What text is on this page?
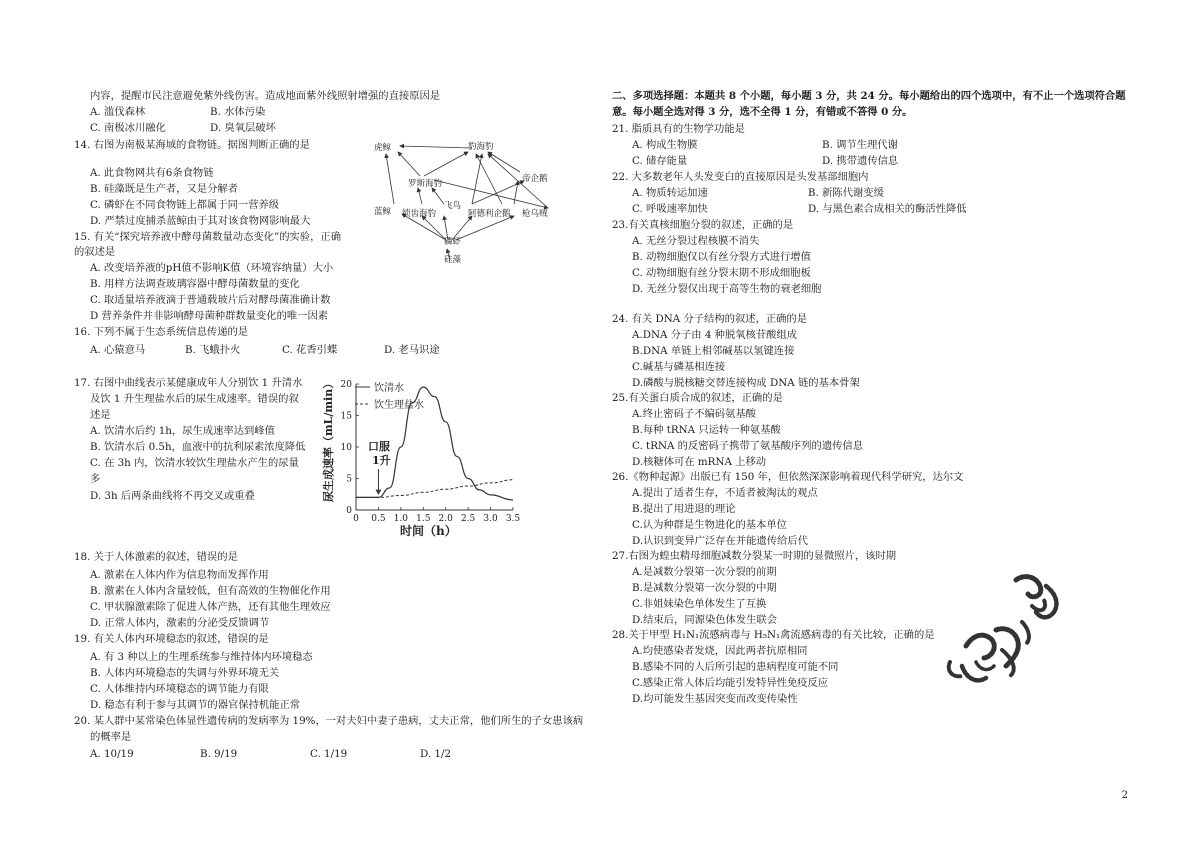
内容，提醒市民注意避免紫外线伤害。造成地面紫外线照射增强的直接原因是
A. 滥伐森林	B. 水体污染
C. 南极冰川融化	D. 臭氧层破坏
14. 右图为南极某海域的食物链。据图判断正确的是
A. 此食物网共有6条食物链
B. 硅藻既是生产者，又是分解者
C. 磷虾在不同食物链上都属于同一营养级
D. 严禁过度捕杀蓝鲸由于其对该食物网影响最大
虎鲸	豹海豹
罗斯海豹	帝企鹅
蓝鲸 锁齿海豹
飞鸟
阿德利企鹅 枪乌贼
磷虾
硅藻
15. 有关“探究培养液中酵母菌数量动态变化”的实验，正确
的叙述是
A. 改变培养液的pH值不影响K值（环境容纳量）大小
B. 用样方法调查玻璃容器中酵母菌数量的变化
C. 取适量培养液滴于普通载玻片后对酵母菌准确计数
D 营养条件并非影响酵母菌种群数量变化的唯一因素
16. 下列不属于生态系统信息传递的是
A. 心猿意马	B. 飞蛾扑火	C. 花香引蝶	D. 老马识途
17. 右图中曲线表示某健康成年人分别饮 1 升清水
及饮 1 升生理盐水后的尿生成速率。错误的叙
述是
A. 饮清水后约 1h，尿生成速率达到峰值
B. 饮清水后 0.5h，血液中的抗利尿素浓度降低
C. 在 3h 内，饮清水较饮生理盐水产生的尿量
多
D. 3h 后两条曲线将不再交叉或重叠
0 0.5 1.0 1.5 2.0 2.5 3.0 3.5
0
5
10
15
20
尿生成速率（mL/min）
时间（h）
口服
1升
饮清水
饮生理盐水
18. 关于人体激素的叙述，错误的是
A. 激素在人体内作为信息物而发挥作用
B. 激素在人体内含量较低，但有高效的生物催化作用
C. 甲状腺激素除了促进人体产热，还有其他生理效应
D. 正常人体内，激素的分泌受反馈调节
19. 有关人体内环境稳态的叙述，错误的是
A. 有 3 种以上的生理系统参与维持体内环境稳态
B. 人体内环境稳态的失调与外界环境无关
C. 人体维持内环境稳态的调节能力有限
D. 稳态有利于参与其调节的器官保持机能正常
20. 某人群中某常染色体显性遗传病的发病率为 19%，一对夫妇中妻子患病，丈夫正常，他们所生的子女患该病
的概率是
A. 10/19	B. 9/19	C. 1/19	D. 1/2
二、多项选择题：本题共 8 个小题，每小题 3 分，共 24 分。每小题给出的四个选项中，有不止一个选项符合题
意。每小题全选对得 3 分，选不全得 1 分，有错或不答得 0 分。
21. 脂质具有的生物学功能是
A. 构成生物膜	B. 调节生理代谢
C. 储存能量	D. 携带遗传信息
22. 大多数老年人头发变白的直接原因是头发基部细胞内
A. 物质转运加速	B. 新陈代谢变缓
C. 呼吸速率加快	D. 与黑色素合成相关的酶活性降低
23.有关真核细胞分裂的叙述，正确的是
A. 无丝分裂过程核膜不消失
B. 动物细胞仅以有丝分裂方式进行增值
C. 动物细胞有丝分裂末期不形成细胞板
D. 无丝分裂仅出现于高等生物的衰老细胞
24. 有关 DNA 分子结构的叙述，正确的是
A.DNA 分子由 4 种脱氧核苷酸组成
B.DNA 单链上相邻碱基以氢键连接
C.碱基与磷基相连接
D.磷酸与脱核糖交替连接构成 DNA 链的基本骨架
25.有关蛋白质合成的叙述，正确的是
A.终止密码子不编码氨基酸
B.每种 tRNA 只运转一种氨基酸
C. tRNA 的反密码子携带了氨基酸序列的遗传信息
D.核糖体可在 mRNA 上移动
26.《物种起源》出版已有 150 年，但依然深深影响着现代科学研究，达尔文
A.提出了适者生存，不适者被淘汰的观点
B.提出了用进退的理论
C.认为种群是生物进化的基本单位
D.认识到变异广泛存在并能遗传给后代
27.右图为蝗虫精母细胞减数分裂某一时期的显微照片，该时期
A.是减数分裂第一次分裂的前期
B.是减数分裂第一次分裂的中期
C.非姐妹染色单体发生了互换
D.结束后，同源染色体发生联会
28.关于甲型 H₁N₁流感病毒与 H₅N₁禽流感病毒的有关比较，正确的是
A.均使感染者发烧，因此两者抗原相同
B.感染不同的人后所引起的患病程度可能不同
C.感染正常人体后均能引发特异性免疫反应
D.均可能发生基因突变而改变传染性
2
